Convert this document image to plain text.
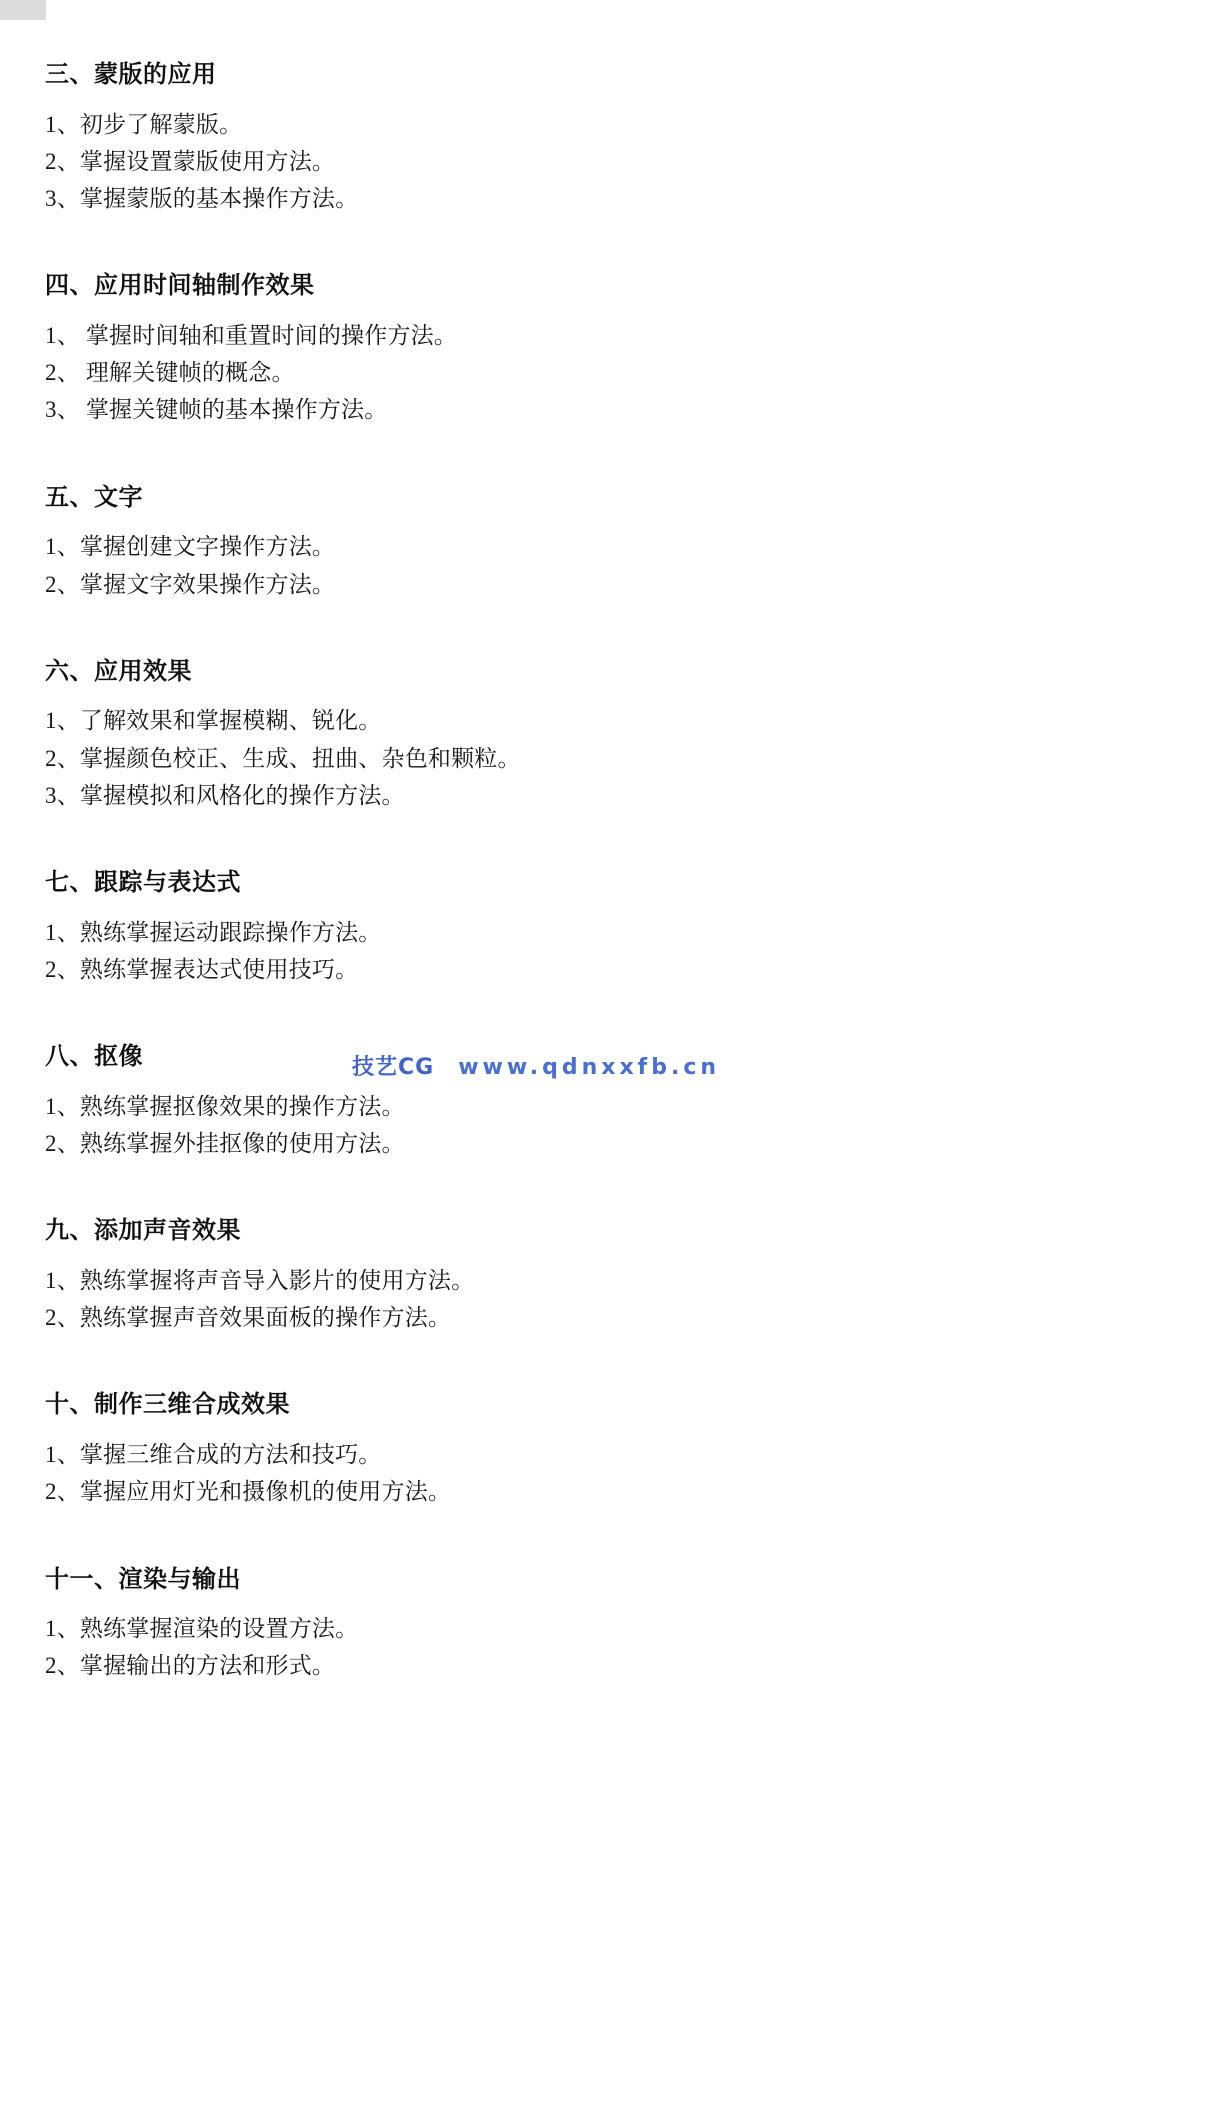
三、蒙版的应用

1、初步了解蒙版。

2、掌握设置蒙版使用方法。

3、掌握蒙版的基本操作方法。

四、应用时间轴制作效果

1、 掌握时间轴和重置时间的操作方法。

2、 理解关键帧的概念。

3、 掌握关键帧的基本操作方法。

五、文字

1、掌握创建文字操作方法。

2、掌握文字效果操作方法。

六、应用效果

1、了解效果和掌握模糊、锐化。

2、掌握颜色校正、生成、扭曲、杂色和颗粒。

3、掌握模拟和风格化的操作方法。

七、跟踪与表达式

1、熟练掌握运动跟踪操作方法。

2、熟练掌握表达式使用技巧。

八、抠像

1、熟练掌握抠像效果的操作方法。

2、熟练掌握外挂抠像的使用方法。

九、添加声音效果

1、熟练掌握将声音导入影片的使用方法。

2、熟练掌握声音效果面板的操作方法。

十、制作三维合成效果

1、掌握三维合成的方法和技巧。

2、掌握应用灯光和摄像机的使用方法。

十一、渲染与输出

1、熟练掌握渲染的设置方法。

2、掌握输出的方法和形式。

技艺CG www.qdnxxfb.cn
